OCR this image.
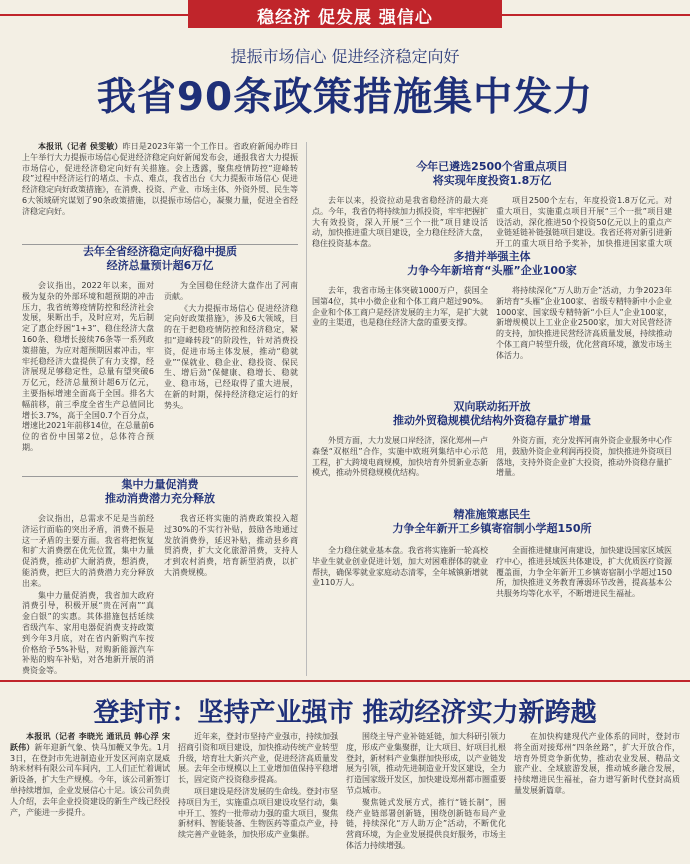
稳经济 促发展 强信心
提振市场信心 促进经济稳定向好
我省90条政策措施集中发力

本报讯（记者 侯雯敏）昨日是2023年第一个工作日。省政府新闻办昨日上午举行大力提振市场信心促进经济稳定向好新闻发布会，通报我省大力提振市场信心，促进经济稳定向好有关措施。会上透露，聚焦疫情防控“迎峰转段”过程中经济运行的堵点、卡点、难点，我省出台《大力提振市场信心 促进经济稳定向好政策措施》，在消费、投资、产业、市场主体、外资外贸、民生等6大领域研究谋划了90条政策措施，以提振市场信心，凝聚力量，促进全省经济稳定向好。

去年全省经济稳定向好稳中提质
经济总量预计超6万亿

会议指出，2022年以来，面对极为复杂的外部环境和超预期的冲击压力，我省统筹疫情防控和经济社会发展，果断出手，及时应对，先后制定了惠企纾困“1+3”、稳住经济大盘160条、稳增长接续76条等一系列政策措施，为应对超预期因素冲击，牢牢托稳经济大盘提供了有力支撑，经济展现足够稳定性，总量有望突破6万亿元，经济总量预计超6万亿元，主要指标增速全面高于全国。排名大幅前移，前三季度全省生产总值同比增长3.7%，高于全国0.7个百分点，增速比2021年前移14位，在总量前6位的省份中国第2位，总体符合预期。

为全国稳住经济大盘作出了河南贡献。

《大力提振市场信心 促进经济稳定向好政策措施》，涉及6大领域，目的在于把稳疫情防控和经济稳定，紧扣“迎峰转段”的阶段性，针对消费投资，促进市场主体发展，推动“稳就业”“保就业、稳企业、稳投资、保民生、增后劲”保健康、稳增长、稳就业、稳市场，已经取得了重大进展，在新的时期，保持经济稳定运行的好势头。

集中力量促消费
推动消费潜力充分释放

会议指出，总需求不足是当前经济运行面临的突出矛盾，消费不振是这一矛盾的主要方面。我省将把恢复和扩大消费摆在优先位置，集中力量促消费，推动扩大耐消费，想消费，能消费，把巨大的消费潜力充分释放出来。

集中力量促消费，我省加大政府消费引导，积极开展“贵在河南”“真金白银”的实惠。其体措施包括延续省级汽车、家用电器促消费支持政策到今年3月底，对在省内新购汽车按价格给予5%补贴，对购新能源汽车补贴的购车补贴，对各地新开展的消费资金等。

我省还将实施的消费政策投入超过30%的不实行补贴，鼓励各地通过发放消费券，延迟补贴，推动县乡商贸消费，扩大文化旅游消费，支持人才到农村消费，培育新型消费，以扩大消费规模。

今年已遴选2500个省重点项目
将实现年度投资1.8万亿

去年以来，投资拉动是我省稳经济的最大亮点。今年，我省仍将持续加力抓投资，牢牢把握扩大有效投资，深入开展“三个一批”项目建设活动，加快推进重大项目建设，全力稳住经济大盘，稳住投资基本盘。

项目2500个左右，年度投资1.8万亿元。对重大项目，实施重点项目开展“三个一批”项目建设活动，深化推进50个投资50亿元以上的重点产业链延链补链强链项目建设。我省还将对新引进新开工的重大项目给予奖补，加快推进国家重大项

多措并举强主体
力争今年新培育“头雁”企业100家

去年，我省市场主体突破1000万户，获国全国第4位，其中小微企业和个体工商户超过90%。企业和个体工商户是经济发展的主力军，是扩大就业的主渠道，也是稳住经济大盘的重要支撑。

将持续深化“万人助万企”活动，力争2023年新培育“头雁”企业100家、省级专精特新中小企业1000家、国家级专精特新“小巨人”企业100家，新增规模以上工业企业2500家，加大对民营经济的支持，加快推进民营经济高质量发展，持续推动个体工商户转型升级，优化营商环境，激发市场主体活力。

双向联动拓开放
推动外贸稳规模优结构外资稳存量扩增量

外贸方面，大力发展口岸经济，深化郑州—卢森堡“双枢纽”合作，实施中欧班列集结中心示范工程，扩大跨境电商规模，加快培育外贸新业态新模式，推动外贸稳规模优结构。

外资方面，充分发挥河南外资企业服务中心作用，鼓励外资企业利润再投资，加快推进外资项目落地，支持外资企业扩大投资，推动外资稳存量扩增量。

精准施策惠民生
力争全年新开工乡镇寄宿制小学超150所

全力稳住就业基本盘。我省将实施新一轮高校毕业生就业创业促进计划，加大对困难群体的就业帮扶，确保零就业家庭动态清零，全年城镇新增就业110万人。

全面推进健康河南建设，加快建设国家区域医疗中心，推进县域医共体建设，扩大优质医疗资源覆盖面，力争全年新开工乡镇寄宿制小学超过150所，加快推进义务教育薄弱环节改善，提高基本公共服务均等化水平，不断增进民生福祉。

登封市：坚持产业强市 推动经济实力新跨越

本报讯（记者 李晓光 通讯员 韩心浮 宋跃伟）新年迎新气象、快马加鞭又争先。1月3日，在登封市先进制造业开发区河南京晟威纳米材料有限公司车间内，工人们正忙着调试新设备，扩大生产规模。今年，该公司新签订单持续增加，企业发展信心十足。该公司负责人介绍，去年企业投资建设的新生产线已经投产，产能进一步提升。

近年来，登封市坚持产业强市，持续加强招商引资和项目建设，加快推动传统产业转型升级，培育壮大新兴产业，促进经济高质量发展。去年全市规模以上工业增加值保持平稳增长，固定资产投资稳步提高。

项目建设是经济发展的生命线。登封市坚持项目为王，实施重点项目建设攻坚行动，集中开工、签约一批带动力强的重大项目，聚焦新材料、智能装备、生物医药等重点产业，持续完善产业链条，加快形成产业集群。

围绕主导产业补链延链，加大科研引领力度，形成产业集聚群，让大项目、好项目扎根登封，新材料产业集群加快形成，以产业链发展为引领，推动先进制造业开发区建设，全力打造国家级开发区，加快建设郑州都市圈重要节点城市。

聚焦链式发展方式，推行“链长制”，围绕产业链部署创新链，围绕创新链布局产业链，持续深化“万人助万企”活动，不断优化营商环境，为企业发展提供良好服务，市场主体活力持续增强。

在加快构建现代产业体系的同时，登封市将全面对接郑州“四条丝路”，扩大开放合作，培育外贸竞争新优势，推动农业发展、精品文旅产业、全域旅游发展，推动城乡融合发展，持续增进民生福祉，奋力谱写新时代登封高质量发展新篇章。
